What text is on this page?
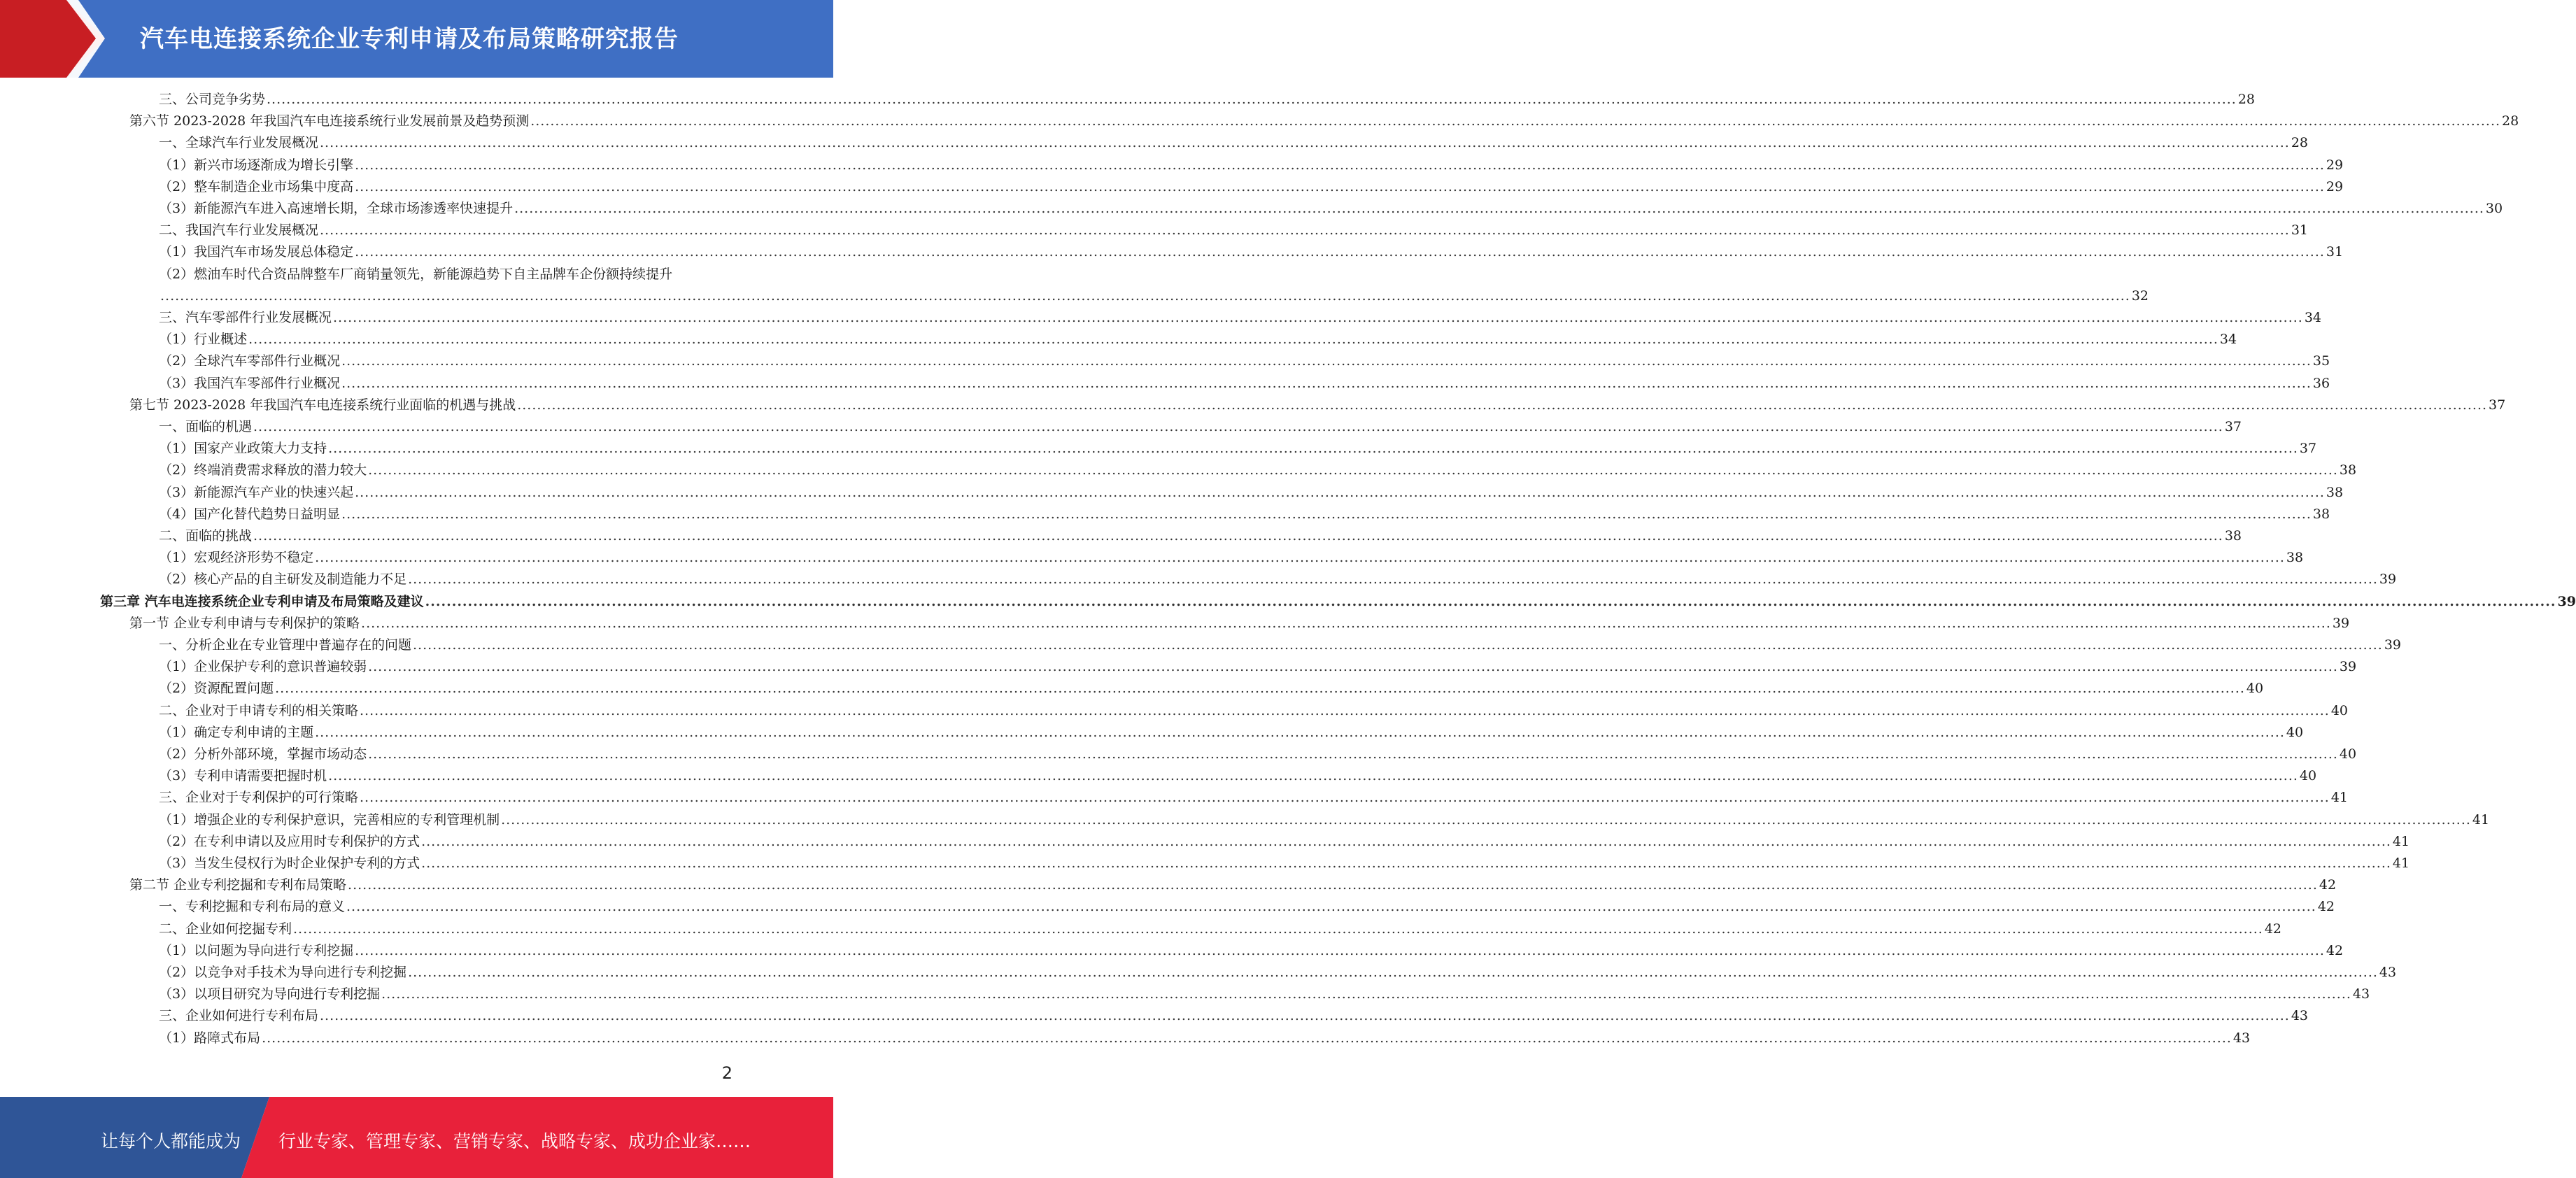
汽车电连接系统企业专利申请及布局策略研究报告
三、公司竞争劣势 ................................................................................................................................................................................................................................................................................................................................................................................................................ 28
第六节 2023-2028 年我国汽车电连接系统行业发展前景及趋势预测 ................................................................................................................................................................................................................................................................................................................................................................................................................ 28
一、全球汽车行业发展概况 ................................................................................................................................................................................................................................................................................................................................................................................................................ 28
（1）新兴市场逐渐成为增长引擎 ................................................................................................................................................................................................................................................................................................................................................................................................................ 29
（2）整车制造企业市场集中度高 ................................................................................................................................................................................................................................................................................................................................................................................................................ 29
（3）新能源汽车进入高速增长期，全球市场渗透率快速提升 ................................................................................................................................................................................................................................................................................................................................................................................................................ 30
二、我国汽车行业发展概况 ................................................................................................................................................................................................................................................................................................................................................................................................................ 31
（1）我国汽车市场发展总体稳定 ................................................................................................................................................................................................................................................................................................................................................................................................................ 31
（2）燃油车时代合资品牌整车厂商销量领先，新能源趋势下自主品牌车企份额持续提升
................................................................................................................................................................................................................................................................................................................................................................................................................ 32
三、汽车零部件行业发展概况 ................................................................................................................................................................................................................................................................................................................................................................................................................ 34
（1）行业概述 ................................................................................................................................................................................................................................................................................................................................................................................................................ 34
（2）全球汽车零部件行业概况 ................................................................................................................................................................................................................................................................................................................................................................................................................ 35
（3）我国汽车零部件行业概况 ................................................................................................................................................................................................................................................................................................................................................................................................................ 36
第七节 2023-2028 年我国汽车电连接系统行业面临的机遇与挑战 ................................................................................................................................................................................................................................................................................................................................................................................................................ 37
一、面临的机遇 ................................................................................................................................................................................................................................................................................................................................................................................................................ 37
（1）国家产业政策大力支持 ................................................................................................................................................................................................................................................................................................................................................................................................................ 37
（2）终端消费需求释放的潜力较大 ................................................................................................................................................................................................................................................................................................................................................................................................................ 38
（3）新能源汽车产业的快速兴起 ................................................................................................................................................................................................................................................................................................................................................................................................................ 38
（4）国产化替代趋势日益明显 ................................................................................................................................................................................................................................................................................................................................................................................................................ 38
二、面临的挑战 ................................................................................................................................................................................................................................................................................................................................................................................................................ 38
（1）宏观经济形势不稳定 ................................................................................................................................................................................................................................................................................................................................................................................................................ 38
（2）核心产品的自主研发及制造能力不足 ................................................................................................................................................................................................................................................................................................................................................................................................................ 39
第三章 汽车电连接系统企业专利申请及布局策略及建议 ................................................................................................................................................................................................................................................................................................................................................................................................................ 39
第一节 企业专利申请与专利保护的策略 ................................................................................................................................................................................................................................................................................................................................................................................................................ 39
一、分析企业在专业管理中普遍存在的问题 ................................................................................................................................................................................................................................................................................................................................................................................................................ 39
（1）企业保护专利的意识普遍较弱 ................................................................................................................................................................................................................................................................................................................................................................................................................ 39
（2）资源配置问题 ................................................................................................................................................................................................................................................................................................................................................................................................................ 40
二、企业对于申请专利的相关策略 ................................................................................................................................................................................................................................................................................................................................................................................................................ 40
（1）确定专利申请的主题 ................................................................................................................................................................................................................................................................................................................................................................................................................ 40
（2）分析外部环境，掌握市场动态 ................................................................................................................................................................................................................................................................................................................................................................................................................ 40
（3）专利申请需要把握时机 ................................................................................................................................................................................................................................................................................................................................................................................................................ 40
三、企业对于专利保护的可行策略 ................................................................................................................................................................................................................................................................................................................................................................................................................ 41
（1）增强企业的专利保护意识，完善相应的专利管理机制 ................................................................................................................................................................................................................................................................................................................................................................................................................ 41
（2）在专利申请以及应用时专利保护的方式 ................................................................................................................................................................................................................................................................................................................................................................................................................ 41
（3）当发生侵权行为时企业保护专利的方式 ................................................................................................................................................................................................................................................................................................................................................................................................................ 41
第二节 企业专利挖掘和专利布局策略 ................................................................................................................................................................................................................................................................................................................................................................................................................ 42
一、专利挖掘和专利布局的意义 ................................................................................................................................................................................................................................................................................................................................................................................................................ 42
二、企业如何挖掘专利 ................................................................................................................................................................................................................................................................................................................................................................................................................ 42
（1）以问题为导向进行专利挖掘 ................................................................................................................................................................................................................................................................................................................................................................................................................ 42
（2）以竞争对手技术为导向进行专利挖掘 ................................................................................................................................................................................................................................................................................................................................................................................................................ 43
（3）以项目研究为导向进行专利挖掘 ................................................................................................................................................................................................................................................................................................................................................................................................................ 43
三、企业如何进行专利布局 ................................................................................................................................................................................................................................................................................................................................................................................................................ 43
（1）路障式布局 ................................................................................................................................................................................................................................................................................................................................................................................................................ 43
2
让每个人都能成为 行业专家、管理专家、营销专家、战略专家、成功企业家……
